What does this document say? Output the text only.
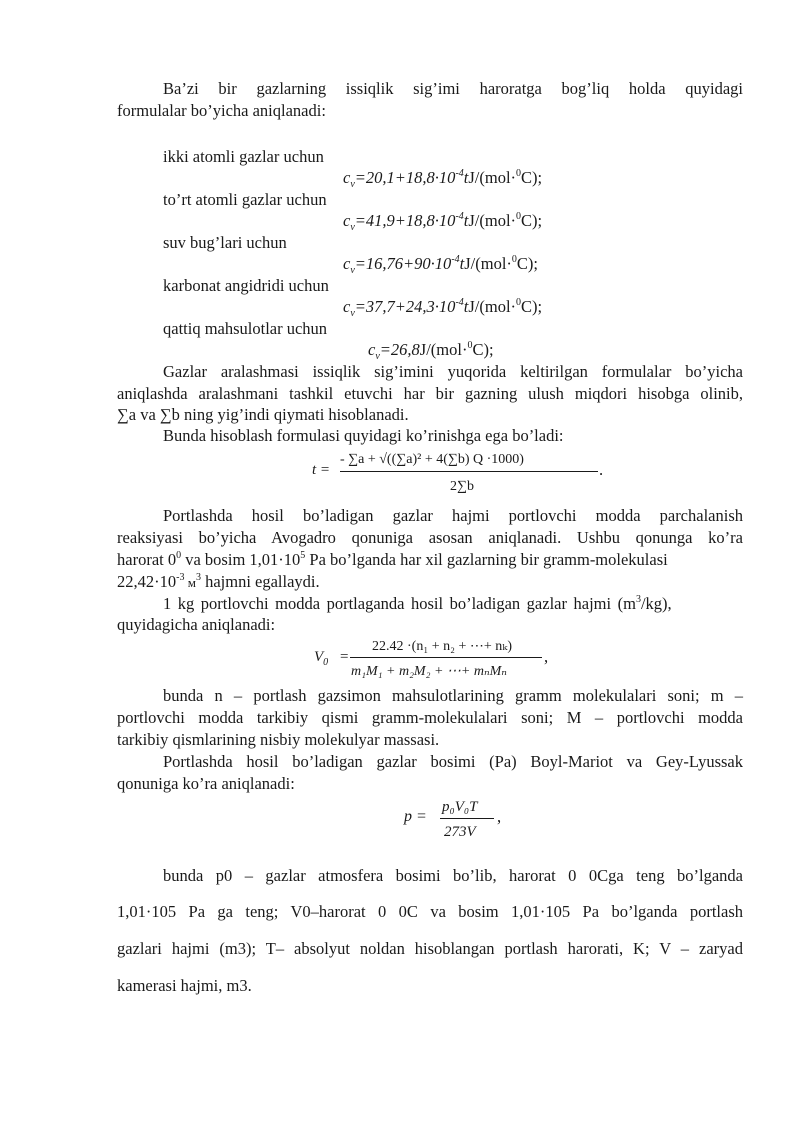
Ba’zi bir gazlarning issiqlik sig’imi haroratga bog’liq holda quyidagi
formulalar bo’yicha aniqlanadi:
ikki atomli gazlar uchun
$c_v=20,1+18,8\cdot 10^{-4}tJ/(mol\cdot^0C)$;
to’rt atomli gazlar uchun
$c_v=41,9+18,8\cdot 10^{-4}tJ/(mol\cdot^0C)$;
suv bug’lari uchun
$c_v=16,76+90\cdot 10^{-4}tJ/(mol\cdot^0C)$;
karbonat angidridi uchun
$c_v=37,7+24,3\cdot 10^{-4}tJ/(mol\cdot^0C)$;
qattiq mahsulotlar uchun
$c_v=26,8J/(mol\cdot^0C)$;
Gazlar aralashmasi issiqlik sig’imini yuqorida keltirilgan formulalar bo’yicha
aniqlashda aralashmani tashkil etuvchi har bir gazning ulush miqdori hisobga olinib,
∑a va ∑b ning yig’indi qiymati hisoblanadi.
Bunda hisoblash formulasi quyidagi ko’rinishga ega bo’ladi:
t =
- ∑a + √((∑a)² + 4(∑b) Q ·1000)
2∑b
.
Portlashda hosil bo’ladigan gazlar hajmi portlovchi modda parchalanish
reaksiyasi bo’yicha Avogadro qonuniga asosan aniqlanadi. Ushbu qonunga ko’ra
harorat $0^0$ va bosim $1,01\cdot 10^5$ Pa bo’lganda har xil gazlarning bir gramm-molekulasi
$22,42\cdot 10^{-3}$ $м^3$ hajmni egallaydi.
1 kg portlovchi modda portlaganda hosil bo’ladigan gazlar hajmi $(m^3/kg)$,
quyidagicha aniqlanadi:
$V_0$ =
22.42 ·(n₁ + n₂ + ⋯+ nₖ)
m₁M₁ + m₂M₂ + ⋯+ mₙMₙ
,
bunda n – portlash gazsimon mahsulotlarining gramm molekulalari soni; m –
portlovchi modda tarkibiy qismi gramm-molekulalari soni; M – portlovchi modda
tarkibiy qismlarining nisbiy molekulyar massasi.
Portlashda hosil bo’ladigan gazlar bosimi (Pa) Boyl-Mariot va Gey-Lyussak
qonuniga ko’ra aniqlanadi:
p =
p₀V₀T
273V
,
bunda p0 – gazlar atmosfera bosimi bo’lib, harorat 0 0Cga teng bo’lganda
1,01·105 Pa ga teng; V0–harorat 0 0C va bosim 1,01·105 Pa bo’lganda portlash
gazlari hajmi (m3); T– absolyut noldan hisoblangan portlash harorati, K; V – zaryad
kamerasi hajmi, m3.
